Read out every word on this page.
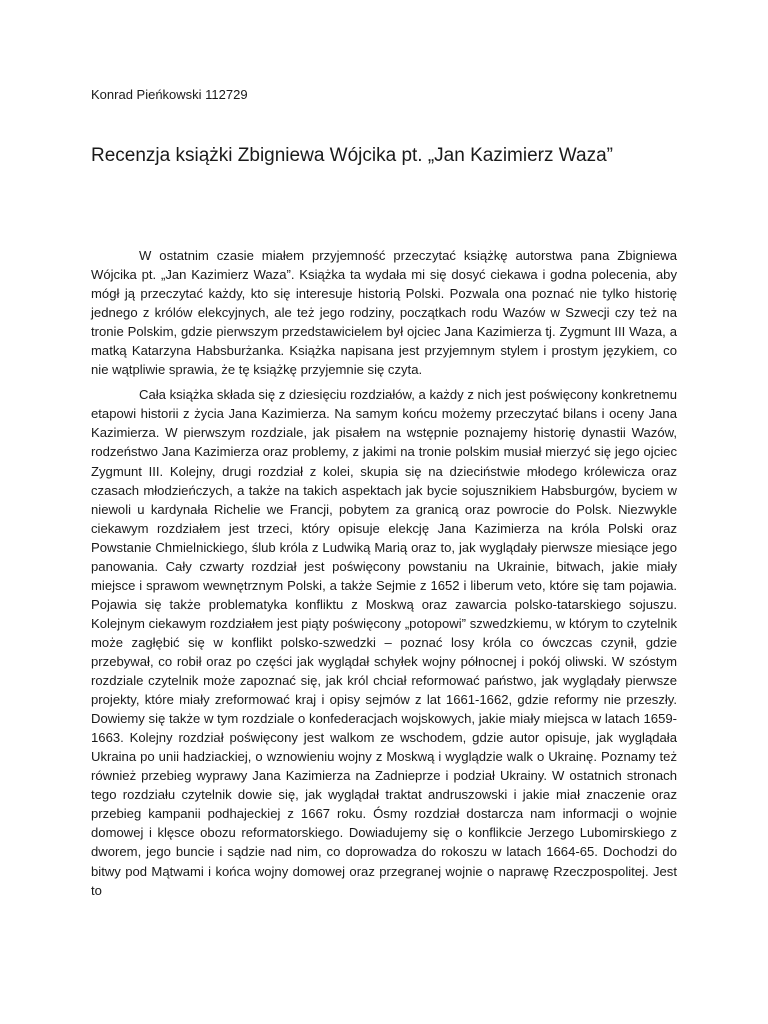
Konrad Pieńkowski 112729
Recenzja książki Zbigniewa Wójcika pt. „Jan Kazimierz Waza”

W ostatnim czasie miałem przyjemność przeczytać książkę autorstwa pana Zbigniewa Wójcika pt. „Jan Kazimierz Waza”. Książka ta wydała mi się dosyć ciekawa i godna polecenia, aby mógł ją przeczytać każdy, kto się interesuje historią Polski. Pozwala ona poznać nie tylko historię jednego z królów elekcyjnych, ale też jego rodziny, początkach rodu Wazów w Szwecji czy też na tronie Polskim, gdzie pierwszym przedstawicielem był ojciec Jana Kazimierza tj. Zygmunt III Waza, a matką Katarzyna Habsburżanka. Książka napisana jest przyjemnym stylem i prostym językiem, co nie wątpliwie sprawia, że tę książkę przyjemnie się czyta.

Cała książka składa się z dziesięciu rozdziałów, a każdy z nich jest poświęcony konkretnemu etapowi historii z życia Jana Kazimierza. Na samym końcu możemy przeczytać bilans i oceny Jana Kazimierza. W pierwszym rozdziale, jak pisałem na wstępnie poznajemy historię dynastii Wazów, rodzeństwo Jana Kazimierza oraz problemy, z jakimi na tronie polskim musiał mierzyć się jego ojciec Zygmunt III. Kolejny, drugi rozdział z kolei, skupia się na dzieciństwie młodego królewicza oraz czasach młodzieńczych, a także na takich aspektach jak bycie sojusznikiem Habsburgów, byciem w niewoli u kardynała Richelie we Francji, pobytem za granicą oraz powrocie do Polsk. Niezwykle ciekawym rozdziałem jest trzeci, który opisuje elekcję Jana Kazimierza na króla Polski oraz Powstanie Chmielnickiego, ślub króla z Ludwiką Marią oraz to, jak wyglądały pierwsze miesiące jego panowania. Cały czwarty rozdział jest poświęcony powstaniu na Ukrainie, bitwach, jakie miały miejsce i sprawom wewnętrznym Polski, a także Sejmie z 1652 i liberum veto, które się tam pojawia. Pojawia się także problematyka konfliktu z Moskwą oraz zawarcia polsko-tatarskiego sojuszu. Kolejnym ciekawym rozdziałem jest piąty poświęcony „potopowi” szwedzkiemu, w którym to czytelnik może zagłębić się w konflikt polsko-szwedzki – poznać losy króla co ówczcas czynił, gdzie przebywał, co robił oraz po części jak wyglądał schyłek wojny północnej i pokój oliwski. W szóstym rozdziale czytelnik może zapoznać się, jak król chciał reformować państwo, jak wyglądały pierwsze projekty, które miały zreformować kraj i opisy sejmów z lat 1661-1662, gdzie reformy nie przeszły. Dowiemy się także w tym rozdziale o konfederacjach wojskowych, jakie miały miejsca w latach 1659-1663. Kolejny rozdział poświęcony jest walkom ze wschodem, gdzie autor opisuje, jak wyglądała Ukraina po unii hadziackiej, o wznowieniu wojny z Moskwą i wyglądzie walk o Ukrainę. Poznamy też również przebieg wyprawy Jana Kazimierza na Zadnieprze i podział Ukrainy. W ostatnich stronach tego rozdziału czytelnik dowie się, jak wyglądał traktat andruszowski i jakie miał znaczenie oraz przebieg kampanii podhajeckiej z 1667 roku. Ósmy rozdział dostarcza nam informacji o wojnie domowej i klęsce obozu reformatorskiego. Dowiadujemy się o konflikcie Jerzego Lubomirskiego z dworem, jego buncie i sądzie nad nim, co doprowadza do rokoszu w latach 1664-65. Dochodzi do bitwy pod Mątwami i końca wojny domowej oraz przegranej wojnie o naprawę Rzeczpospolitej. Jest to
